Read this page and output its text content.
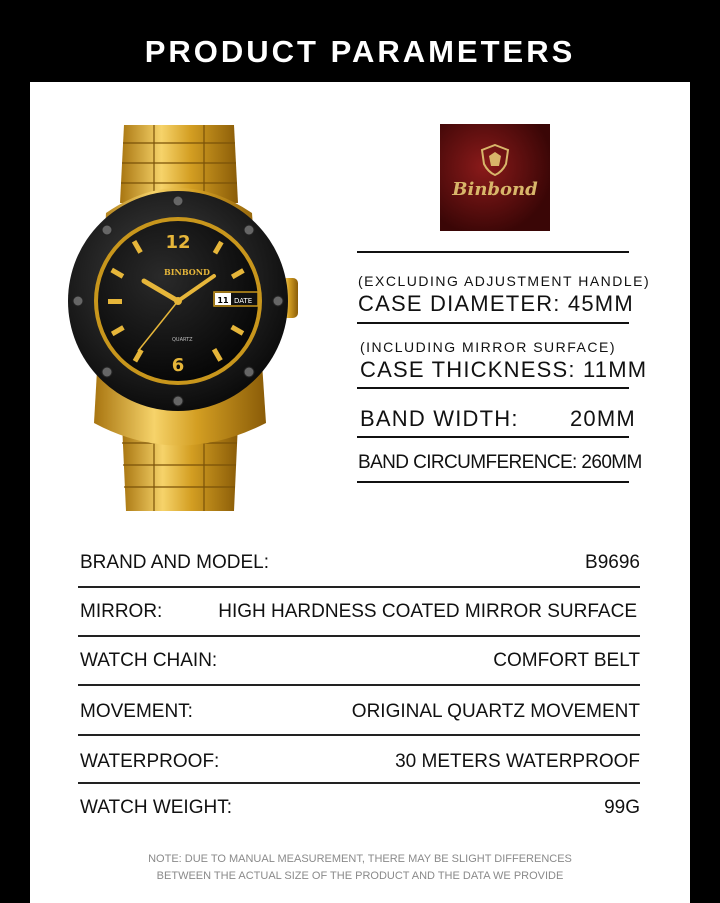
PRODUCT PARAMETERS
12
6
BINBOND
QUARTZ
11 DATE
Binbond
(EXCLUDING ADJUSTMENT HANDLE)
CASE DIAMETER: 45MM
(INCLUDING MIRROR SURFACE)
CASE THICKNESS: 11MM
BAND WIDTH: 20MM
BAND CIRCUMFERENCE: 260MM
BRAND AND MODEL:	B9696
MIRROR:	HIGH HARDNESS COATED MIRROR SURFACE
WATCH CHAIN:	COMFORT BELT
MOVEMENT:	ORIGINAL QUARTZ MOVEMENT
WATERPROOF:	30 METERS WATERPROOF
WATCH WEIGHT:	99G
NOTE: DUE TO MANUAL MEASUREMENT, THERE MAY BE SLIGHT DIFFERENCES
BETWEEN THE ACTUAL SIZE OF THE PRODUCT AND THE DATA WE PROVIDE
